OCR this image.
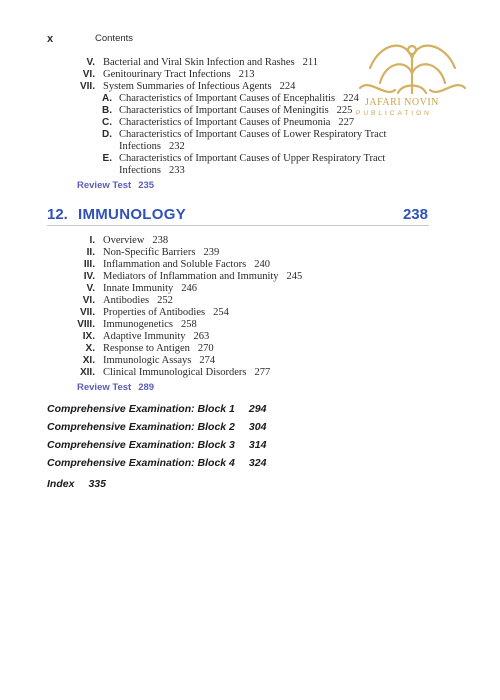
x	Contents
JAFARI NOVIN
PUBLICATION
V. Bacterial and Viral Skin Infection and Rashes 211
VI. Genitourinary Tract Infections 213
VII. System Summaries of Infectious Agents 224
A. Characteristics of Important Causes of Encephalitis 224
B. Characteristics of Important Causes of Meningitis 225
C. Characteristics of Important Causes of Pneumonia 227
D. Characteristics of Important Causes of Lower Respiratory Tract
Infections 232
E. Characteristics of Important Causes of Upper Respiratory Tract
Infections 233
Review Test 235
12. IMMUNOLOGY	238
I. Overview 238
II. Non-Specific Barriers 239
III. Inflammation and Soluble Factors 240
IV. Mediators of Inflammation and Immunity 245
V. Innate Immunity 246
VI. Antibodies 252
VII. Properties of Antibodies 254
VIII. Immunogenetics 258
IX. Adaptive Immunity 263
X. Response to Antigen 270
XI. Immunologic Assays 274
XII. Clinical Immunological Disorders 277
Review Test 289
Comprehensive Examination: Block 1 294
Comprehensive Examination: Block 2 304
Comprehensive Examination: Block 3 314
Comprehensive Examination: Block 4 324
Index 335
